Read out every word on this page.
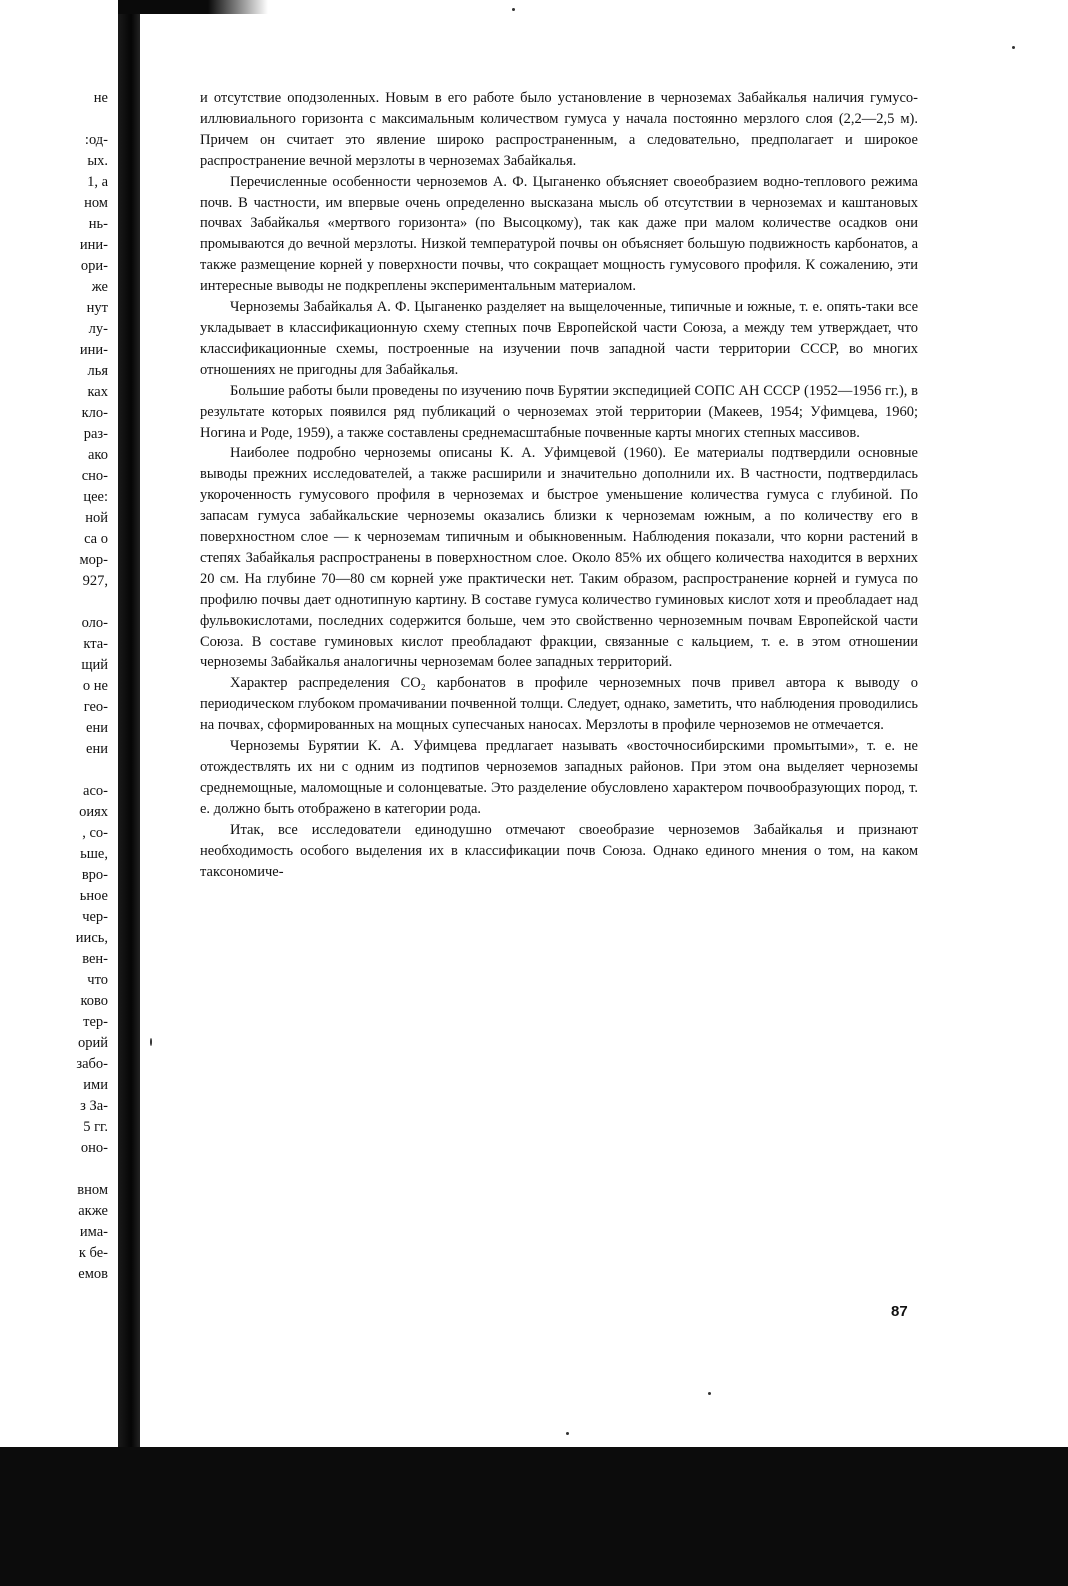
не
:од-
ых.
1, а
ном
нь-
ини-
ори-
же
нут
лу-
ини-
лья
ках
кло-
раз-
ако
сно-
цее:
ной
са о
мор-
927,
оло-
кта-
щий
о не
гео-
ени
ени
асо-
оиях
, со-
ьше,
вро-
ьное
чер-
иись,
вен-
что
ково
тер-
орий
забо-
ими
з За-
5 гг.
оно-
вном
акже
има-
к бе-
емов

и отсутствие оподзоленных. Новым в его работе было установление в черноземах Забайкалья наличия гумусо-иллювиального горизонта с максимальным количеством гумуса у начала постоянно мерзлого слоя (2,2—2,5 м). Причем он считает это явление широко распространенным, а следовательно, предполагает и широкое распространение вечной мерзлоты в черноземах Забайкалья.

Перечисленные особенности черноземов А. Ф. Цыганенко объясняет своеобразием водно-теплового режима почв. В частности, им впервые очень определенно высказана мысль об отсутствии в черноземах и каштановых почвах Забайкалья «мертвого горизонта» (по Высоцкому), так как даже при малом количестве осадков они промываются до вечной мерзлоты. Низкой температурой почвы он объясняет большую подвижность карбонатов, а также размещение корней у поверхности почвы, что сокращает мощность гумусового профиля. К сожалению, эти интересные выводы не подкреплены экспериментальным материалом.

Черноземы Забайкалья А. Ф. Цыганенко разделяет на выщелоченные, типичные и южные, т. е. опять-таки все укладывает в классификационную схему степных почв Европейской части Союза, а между тем утверждает, что классификационные схемы, построенные на изучении почв западной части территории СССР, во многих отношениях не пригодны для Забайкалья.

Большие работы были проведены по изучению почв Бурятии экспедицией СОПС АН СССР (1952—1956 гг.), в результате которых появился ряд публикаций о черноземах этой территории (Макеев, 1954; Уфимцева, 1960; Ногина и Роде, 1959), а также составлены среднемасштабные почвенные карты многих степных массивов.

Наиболее подробно черноземы описаны К. А. Уфимцевой (1960). Ее материалы подтвердили основные выводы прежних исследователей, а также расширили и значительно дополнили их. В частности, подтвердилась укороченность гумусового профиля в черноземах и быстрое уменьшение количества гумуса с глубиной. По запасам гумуса забайкальские черноземы оказались близки к черноземам южным, а по количеству его в поверхностном слое — к черноземам типичным и обыкновенным. Наблюдения показали, что корни растений в степях Забайкалья распространены в поверхностном слое. Около 85% их общего количества находится в верхних 20 см. На глубине 70—80 см корней уже практически нет. Таким образом, распространение корней и гумуса по профилю почвы дает однотипную картину. В составе гумуса количество гуминовых кислот хотя и преобладает над фульвокислотами, последних содержится больше, чем это свойственно черноземным почвам Европейской части Союза. В составе гуминовых кислот преобладают фракции, связанные с кальцием, т. е. в этом отношении черноземы Забайкалья аналогичны черноземам более западных территорий.

Характер распределения CO₂ карбонатов в профиле черноземных почв привел автора к выводу о периодическом глубоком промачивании почвенной толщи. Следует, однако, заметить, что наблюдения проводились на почвах, сформированных на мощных супесчаных наносах. Мерзлоты в профиле черноземов не отмечается.

Черноземы Бурятии К. А. Уфимцева предлагает называть «восточносибирскими промытыми», т. е. не отождествлять их ни с одним из подтипов черноземов западных районов. При этом она выделяет черноземы среднемощные, маломощные и солонцеватые. Это разделение обусловлено характером почвообразующих пород, т. е. должно быть отображено в категории рода.

Итак, все исследователи единодушно отмечают своеобразие черноземов Забайкалья и признают необходимость особого выделения их в классификации почв Союза. Однако единого мнения о том, на каком таксономиче-

87
